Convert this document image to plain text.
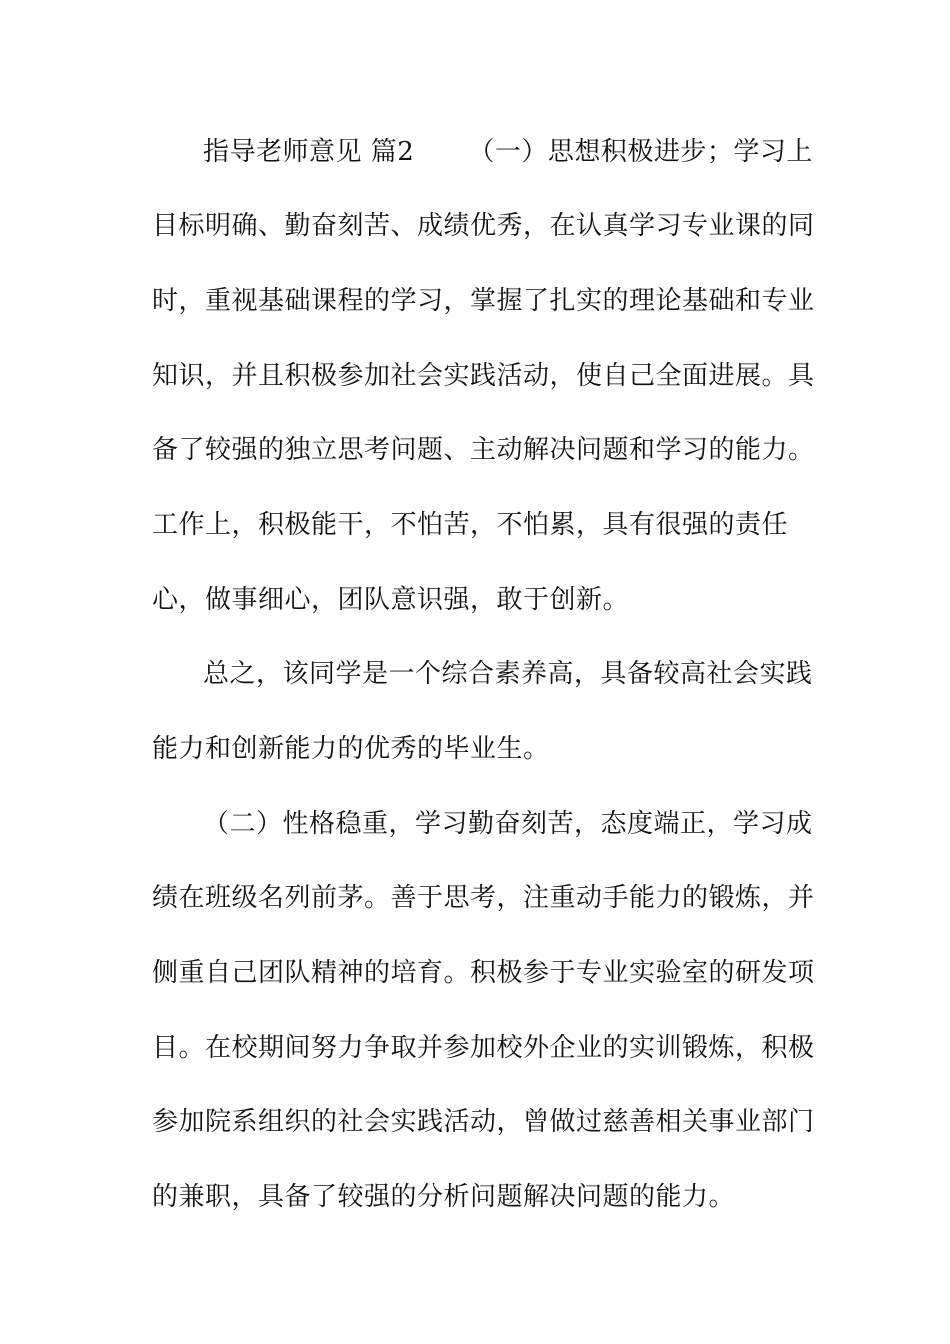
指导老师意见 篇2 （一）思想积极进步；学习上
目标明确、勤奋刻苦、成绩优秀，在认真学习专业课的同
时，重视基础课程的学习，掌握了扎实的理论基础和专业
知识，并且积极参加社会实践活动，使自己全面进展。具
备了较强的独立思考问题、主动解决问题和学习的能力。
工作上，积极能干，不怕苦，不怕累，具有很强的责任
心，做事细心，团队意识强，敢于创新。
总之，该同学是一个综合素养高，具备较高社会实践
能力和创新能力的优秀的毕业生。
（二）性格稳重，学习勤奋刻苦，态度端正，学习成
绩在班级名列前茅。善于思考，注重动手能力的锻炼，并
侧重自己团队精神的培育。积极参于专业实验室的研发项
目。在校期间努力争取并参加校外企业的实训锻炼，积极
参加院系组织的社会实践活动，曾做过慈善相关事业部门
的兼职，具备了较强的分析问题解决问题的能力。
